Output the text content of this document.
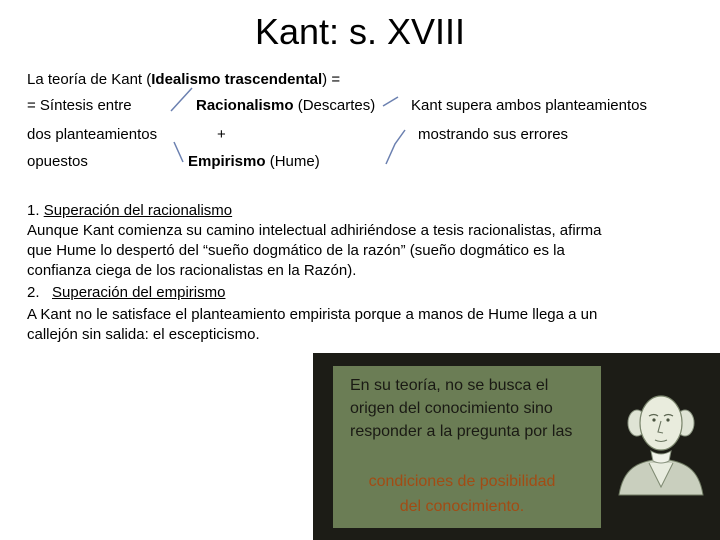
Kant: s. XVIII
La teoría de Kant (Idealismo trascendental) =
= Síntesis entre
dos planteamientos
opuestos
Racionalismo (Descartes)
+
Empirismo (Hume)
Kant supera ambos planteamientos
mostrando sus errores

1. Superación del racionalismo

Aunque Kant comienza su camino intelectual adhiriéndose a tesis racionalistas, afirma

que Hume lo despertó del “sueño dogmático de la razón” (sueño dogmático es la

confianza ciega de los racionalistas en la Razón).

2. Superación del empirismo

A Kant no le satisface el planteamiento empirista porque a manos de Hume llega a un

callejón sin salida: el escepticismo.

En su teoría, no se busca el
origen del conocimiento sino
responder a la pregunta por las
condiciones de posibilidad
del conocimiento.
